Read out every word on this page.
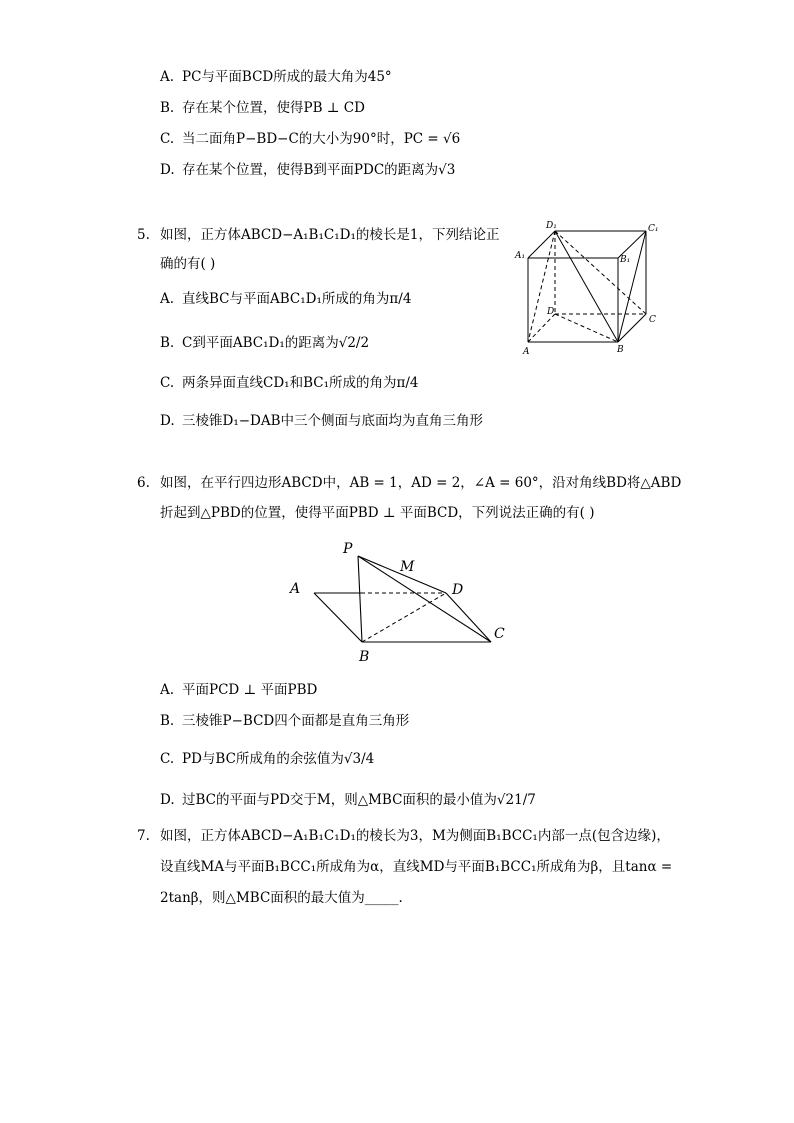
A. PC与平面BCD所成的最大角为45°
B. 存在某个位置，使得PB ⊥ CD
C. 当二面角P−BD−C的大小为90°时，PC = √6
D. 存在某个位置，使得B到平面PDC的距离为√3
5. 如图，正方体ABCD−A₁B₁C₁D₁的棱长是1，下列结论正
确的有( )
A. 直线BC与平面ABC₁D₁所成的角为π/4
B. C到平面ABC₁D₁的距离为√2/2
C. 两条异面直线CD₁和BC₁所成的角为π/4
D. 三棱锥D₁−DAB中三个侧面与底面均为直角三角形
D₁	C₁
A₁	B₁
D
C
A	B
6. 如图，在平行四边形ABCD中，AB = 1，AD = 2，∠A = 60°，沿对角线BD将△ABD
折起到△PBD的位置，使得平面PBD ⊥ 平面BCD，下列说法正确的有( )
P
M
A	D
C
B
A. 平面PCD ⊥ 平面PBD
B. 三棱锥P−BCD四个面都是直角三角形
C. PD与BC所成角的余弦值为√3/4
D. 过BC的平面与PD交于M，则△MBC面积的最小值为√21/7
7. 如图，正方体ABCD−A₁B₁C₁D₁的棱长为3，M为侧面B₁BCC₁内部一点(包含边缘)，
设直线MA与平面B₁BCC₁所成角为α，直线MD与平面B₁BCC₁所成角为β，且tanα =
2tanβ，则△MBC面积的最大值为_____.
